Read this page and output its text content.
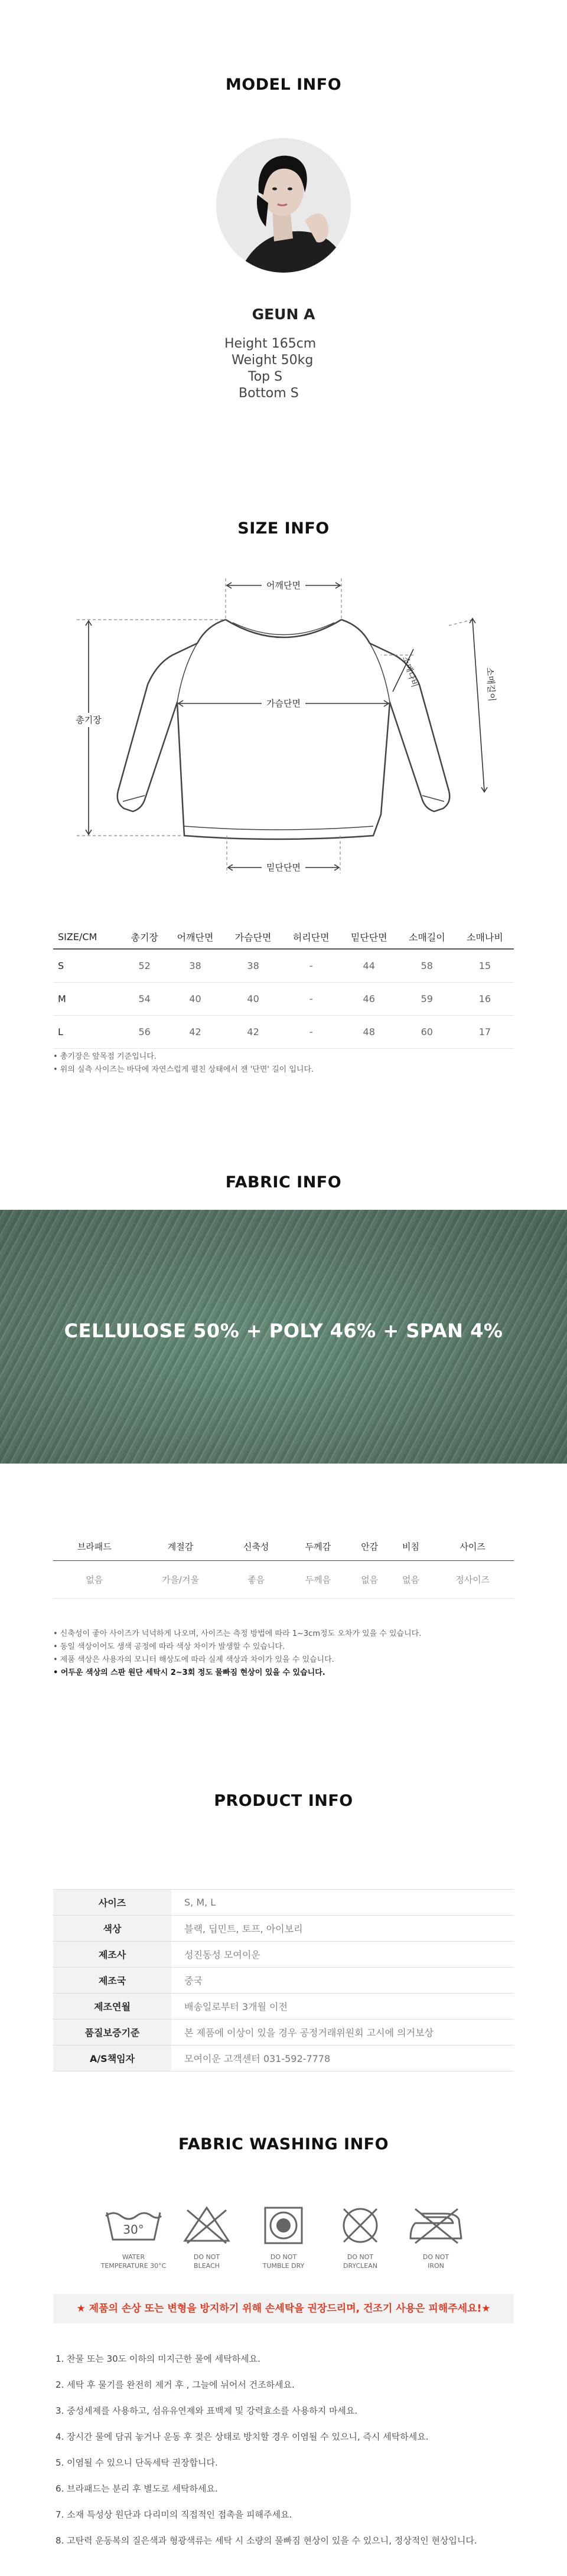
MODEL INFO
GEUN A
Height 165cm
Weight 50kg
Top S
Bottom S
SIZE INFO
어깨단면
가슴단면
밑단단면
총기장
소매나비	소매길이
SIZE/CM	총기장	어깨단면	가슴단면	허리단면	밑단단면	소매길이	소매나비
S	52	38	38	-	44	58	15
M	54	40	40	-	46	59	16
L	56	42	42	-	48	60	17
• 총기장은 앞목점 기준입니다.
• 위의 실측 사이즈는 바닥에 자연스럽게 펼친 상태에서 잰 '단면' 길이 입니다.
FABRIC INFO
CELLULOSE 50% + POLY 46% + SPAN 4%
브라패드	계절감	신축성	두께감	안감	비침	사이즈
없음	가을/겨울	좋음	두께음	없음	없음	정사이즈
• 신축성이 좋아 사이즈가 넉넉하게 나오며, 사이즈는 측정 방법에 따라 1~3cm정도 오차가 있을 수 있습니다.
• 동일 색상이어도 생색 공정에 따라 색상 차이가 발생할 수 있습니다.
• 제품 색상은 사용자의 모니터 해상도에 따라 실제 색상과 차이가 있을 수 있습니다.
• 어두운 색상의 스판 원단 세탁시 2~3회 정도 물빠짐 현상이 있을 수 있습니다.
PRODUCT INFO
사이즈	S, M, L
색상	블랙, 딥민트, 토프, 아이보리
제조사	성진동성 모여이운
제조국	중국
제조연월	배송일로부터 3개월 이전
품질보증기준	본 제품에 이상이 있을 경우 공정거래위원회 고시에 의거보상
A/S책임자	모여이운 고객센터 031-592-7778
FABRIC WASHING INFO
30°
WATER
TEMPERATURE 30°C
DO NOT
BLEACH
DO NOT
TUMBLE DRY
DO NOT
DRYCLEAN
DO NOT
IRON
★ 제품의 손상 또는 변형을 방지하기 위해 손세탁을 권장드리며, 건조기 사용은 피해주세요!★
1. 찬물 또는 30도 이하의 미지근한 물에 세탁하세요.
2. 세탁 후 물기를 완전히 제거 후 , 그늘에 뉘어서 건조하세요.
3. 중성세제를 사용하고, 섬유유연제와 표백제 및 강력효소를 사용하지 마세요.
4. 장시간 물에 담궈 놓거나 운동 후 젖은 상태로 방치할 경우 이염될 수 있으니, 즉시 세탁하세요.
5. 이염될 수 있으니 단독세탁 권장합니다.
6. 브라패드는 분리 후 별도로 세탁하세요.
7. 소재 특성상 원단과 다리미의 직접적인 접촉을 피해주세요.
8. 고탄력 운동복의 질은색과 형광색류는 세탁 시 소량의 물빠짐 현상이 있을 수 있으니, 정상적인 현상입니다.
